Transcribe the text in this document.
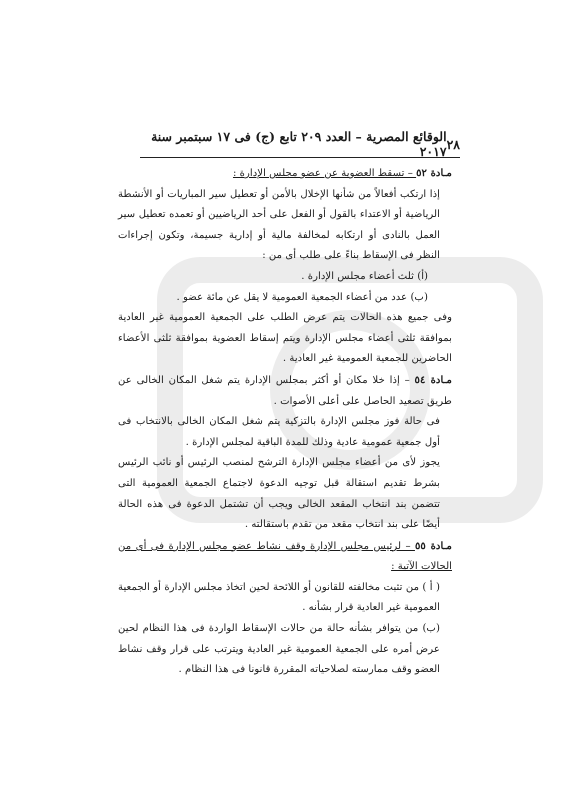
٢٨
الوقائع المصرية – العدد ٢٠٩ تابع (ج) فى ١٧ سبتمبر سنة ٢٠١٧

مـادة ٥٢ – تسقط العضوية عن عضو مجلس الإدارة :

إذا ارتكب أفعالاً من شأنها الإخلال بالأمن أو تعطيل سير المباريات أو الأنشطة الرياضية أو الاعتداء بالقول أو الفعل على أحد الرياضيين أو تعمده تعطيل سير العمل بالنادى أو ارتكابه لمخالفة مالية أو إدارية جسيمة، وتكون إجراءات النظر فى الإسقاط بناءً على طلب أى من :

(أ) ثلث أعضاء مجلس الإدارة .

(ب) عدد من أعضاء الجمعية العمومية لا يقل عن مائة عضو .

وفى جميع هذه الحالات يتم عرض الطلب على الجمعية العمومية غير العادية بموافقة ثلثى أعضاء مجلس الإدارة ويتم إسقاط العضوية بموافقة ثلثى الأعضاء الحاضرين للجمعية العمومية غير العادية .

مـادة ٥٤ – إذا خلا مكان أو أكثر بمجلس الإدارة يتم شغل المكان الخالى عن طريق تصعيد الحاصل على أعلى الأصوات .

فى حالة فوز مجلس الإدارة بالتزكية يتم شغل المكان الخالى بالانتخاب فى أول جمعية عمومية عادية وذلك للمدة الباقية لمجلس الإدارة .

يجوز لأى من أعضاء مجلس الإدارة الترشح لمنصب الرئيس أو نائب الرئيس بشرط تقديم استقالة قبل توجيه الدعوة لاجتماع الجمعية العمومية التى تتضمن بند انتخاب المقعد الخالى ويجب أن تشتمل الدعوة فى هذه الحالة أيضًا على بند انتخاب مقعد من تقدم باستقالته .

مـادة ٥٥ – لرئيس مجلس الإدارة وقف نشاط عضو مجلس الإدارة فى أى من الحالات الآتية :

( أ ) من تثبت مخالفته للقانون أو اللائحة لحين اتخاذ مجلس الإدارة أو الجمعية العمومية غير العادية قرار بشأنه .

(ب) من يتوافر بشأنه حالة من حالات الإسقاط الواردة فى هذا النظام لحين عرض أمره على الجمعية العمومية غير العادية ويترتب على قرار وقف نشاط العضو وقف ممارسته لصلاحياته المقررة قانونا فى هذا النظام .
